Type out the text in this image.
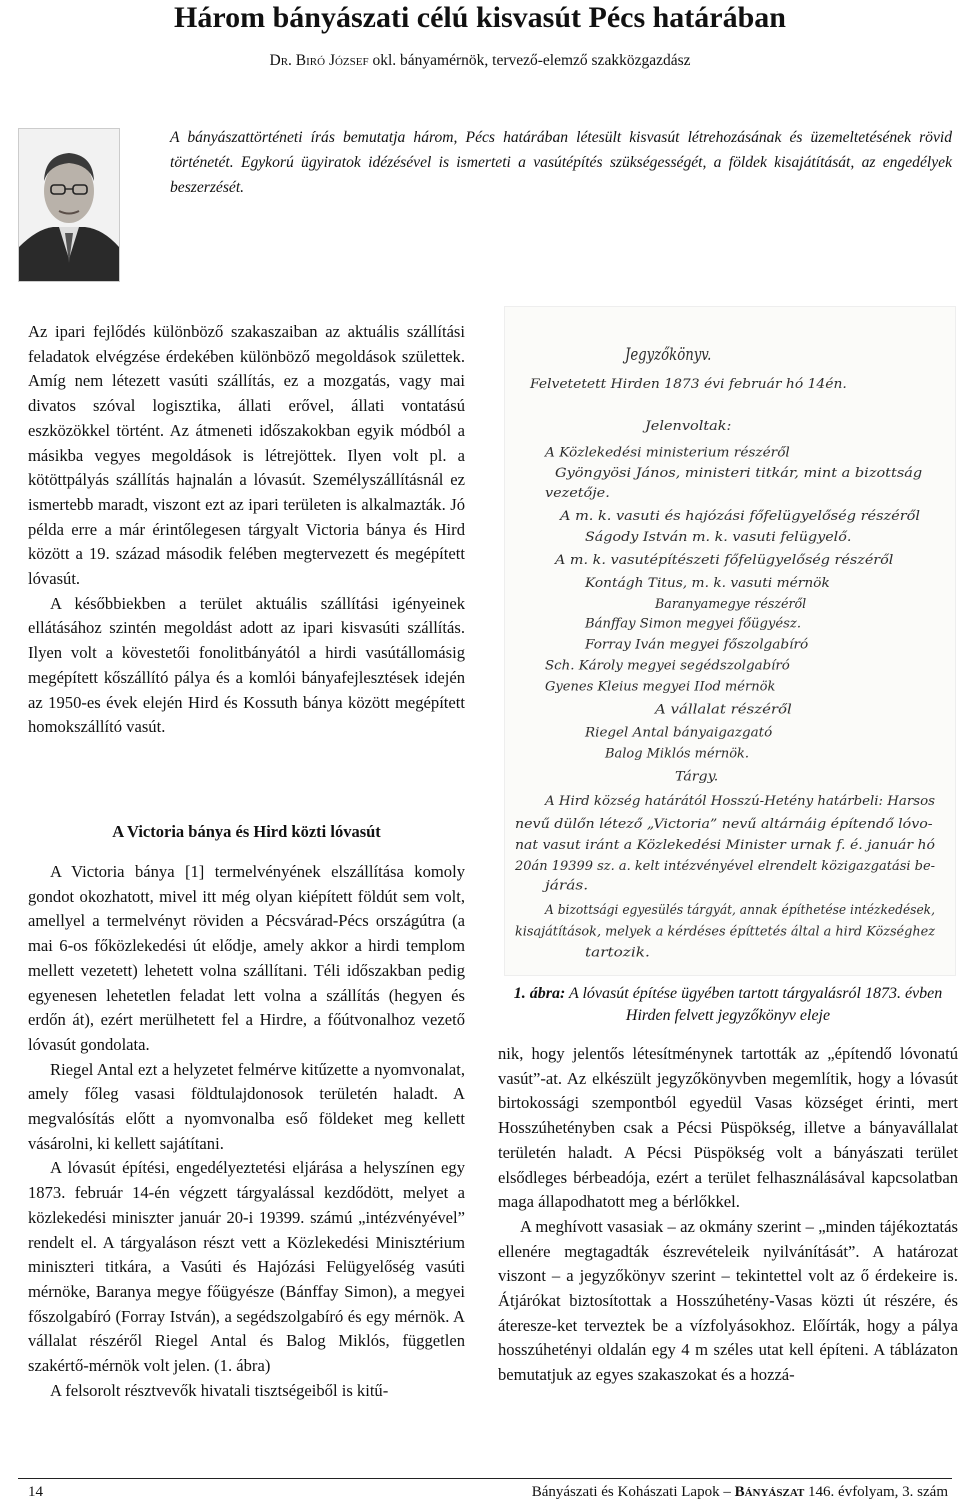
Három bányászati célú kisvasút Pécs határában
Dr. Biró József okl. bányamérnök, tervező-elemző szakközgazdász
A bányászattörténeti írás bemutatja három, Pécs határában létesült kisvasút létrehozásának és üzemeltetésének rövid történetét. Egykorú ügyiratok idézésével is ismerteti a vasútépítés szükségességét, a földek kisajátítását, az engedélyek beszerzését.

Az ipari fejlődés különböző szakaszaiban az aktuális szállítási feladatok elvégzése érdekében különböző megoldások születtek. Amíg nem létezett vasúti szállítás, ez a mozgatás, vagy mai divatos szóval logisztika, állati erővel, állati vontatású eszközökkel történt. Az átmeneti időszakokban egyik módból a másikba vegyes megoldások is létrejöttek. Ilyen volt pl. a kötöttpályás szállítás hajnalán a lóvasút. Személyszállításnál ez ismertebb maradt, viszont ezt az ipari területen is alkalmazták. Jó példa erre a már érintőlegesen tárgyalt Victoria bánya és Hird között a 19. század második felében megtervezett és megépített lóvasút.

A későbbiekben a terület aktuális szállítási igényeinek ellátásához szintén megoldást adott az ipari kisvasúti szállítás. Ilyen volt a kövestetői fonolitbányától a hirdi vasútállomásig megépített kőszállító pálya és a komlói bányafejlesztések idején az 1950-es évek elején Hird és Kossuth bánya között megépített homokszállító vasút.

A Victoria bánya és Hird közti lóvasút

A Victoria bánya [1] termelvényének elszállítása komoly gondot okozhatott, mivel itt még olyan kiépített földút sem volt, amellyel a termelvényt röviden a Pécsvárad-Pécs országútra (a mai 6-os főközlekedési út elődje, amely akkor a hirdi templom mellett vezetett) lehetett volna szállítani. Téli időszakban pedig egyenesen lehetetlen feladat lett volna a szállítás (hegyen és erdőn át), ezért merülhetett fel a Hirdre, a főútvonalhoz vezető lóvasút gondolata.

Riegel Antal ezt a helyzetet felmérve kitűzette a nyomvonalat, amely főleg vasasi földtulajdonosok területén haladt. A megvalósítás előtt a nyomvonalba eső földeket meg kellett vásárolni, ki kellett sajátítani.

A lóvasút építési, engedélyeztetési eljárása a helyszínen egy 1873. február 14-én végzett tárgyalással kezdődött, melyet a közlekedési miniszter január 20-i 19399. számú „intézvényével” rendelt el. A tárgyaláson részt vett a Közlekedési Minisztérium miniszteri titkára, a Vasúti és Hajózási Felügyelőség vasúti mérnöke, Baranya megye főügyésze (Bánffay Simon), a megyei főszolgabíró (Forray István), a segédszolgabíró és egy mérnök. A vállalat részéről Riegel Antal és Balog Miklós, független szakértő-mérnök volt jelen. (1. ábra)

A felsorolt résztvevők hivatali tisztségeiből is kitű-

Jegyzőkönyv.
Felvetetett Hirden 1873 évi február hó 14én.
Jelenvoltak:
A Közlekedési ministerium részéről
Gyöngyösi János, ministeri titkár, mint a bizottság
vezetője.
A m. k. vasuti és hajózási főfelügyelőség részéről
Ságody István m. k. vasuti felügyelő.
A m. k. vasutépítészeti főfelügyelőség részéről
Kontágh Titus, m. k. vasuti mérnök
Baranyamegye részéről
Bánffay Simon megyei főügyész.
Forray Iván megyei főszolgabíró
Sch. Károly megyei segédszolgabíró
Gyenes Kleius megyei IIod mérnök
A vállalat részéről
Riegel Antal bányaigazgató
Balog Miklós mérnök.
Tárgy.
A Hird község határától Hosszú-Hetény határbeli: Harsos
nevű dülőn létező „Victoria” nevű altárnáig építendő lóvo-
nat vasut iránt a Közlekedési Minister urnak f. é. január hó
20án 19399 sz. a. kelt intézvényével elrendelt közigazgatási be-
járás.
A bizottsági egyesülés tárgyát, annak építhetése intézkedések,
kisajátítások, melyek a kérdéses építtetés által a hird Községhez
tartozik.
1. ábra: A lóvasút építése ügyében tartott tárgyalásról 1873. évben Hirden felvett jegyzőkönyv eleje

nik, hogy jelentős létesítménynek tartották az „építendő lóvonatú vasút”-at. Az elkészült jegyzőkönyvben megemlítik, hogy a lóvasút birtokossági szempontból egyedül Vasas községet érinti, mert Hosszúhetényben csak a Pécsi Püspökség, illetve a bányavállalat területén haladt. A Pécsi Püspökség volt a bányászati terület elsődleges bérbeadója, ezért a terület felhasználásával kapcsolatban maga állapodhatott meg a bérlőkkel.

A meghívott vasasiak – az okmány szerint – „minden tájékoztatás ellenére megtagadták észrevételeik nyilvánítását”. A határozat viszont – a jegyzőkönyv szerint – tekintettel volt az ő érdekeire is. Átjárókat biztosítottak a Hosszúhetény-Vasas közti út részére, és áteresze-ket terveztek be a vízfolyásokhoz. Előírták, hogy a pálya hosszúhetényi oldalán egy 4 m széles utat kell építeni. A táblázaton bemutatjuk az egyes szakaszokat és a hozzá-

14	Bányászati és Kohászati Lapok – Bányászat 146. évfolyam, 3. szám
